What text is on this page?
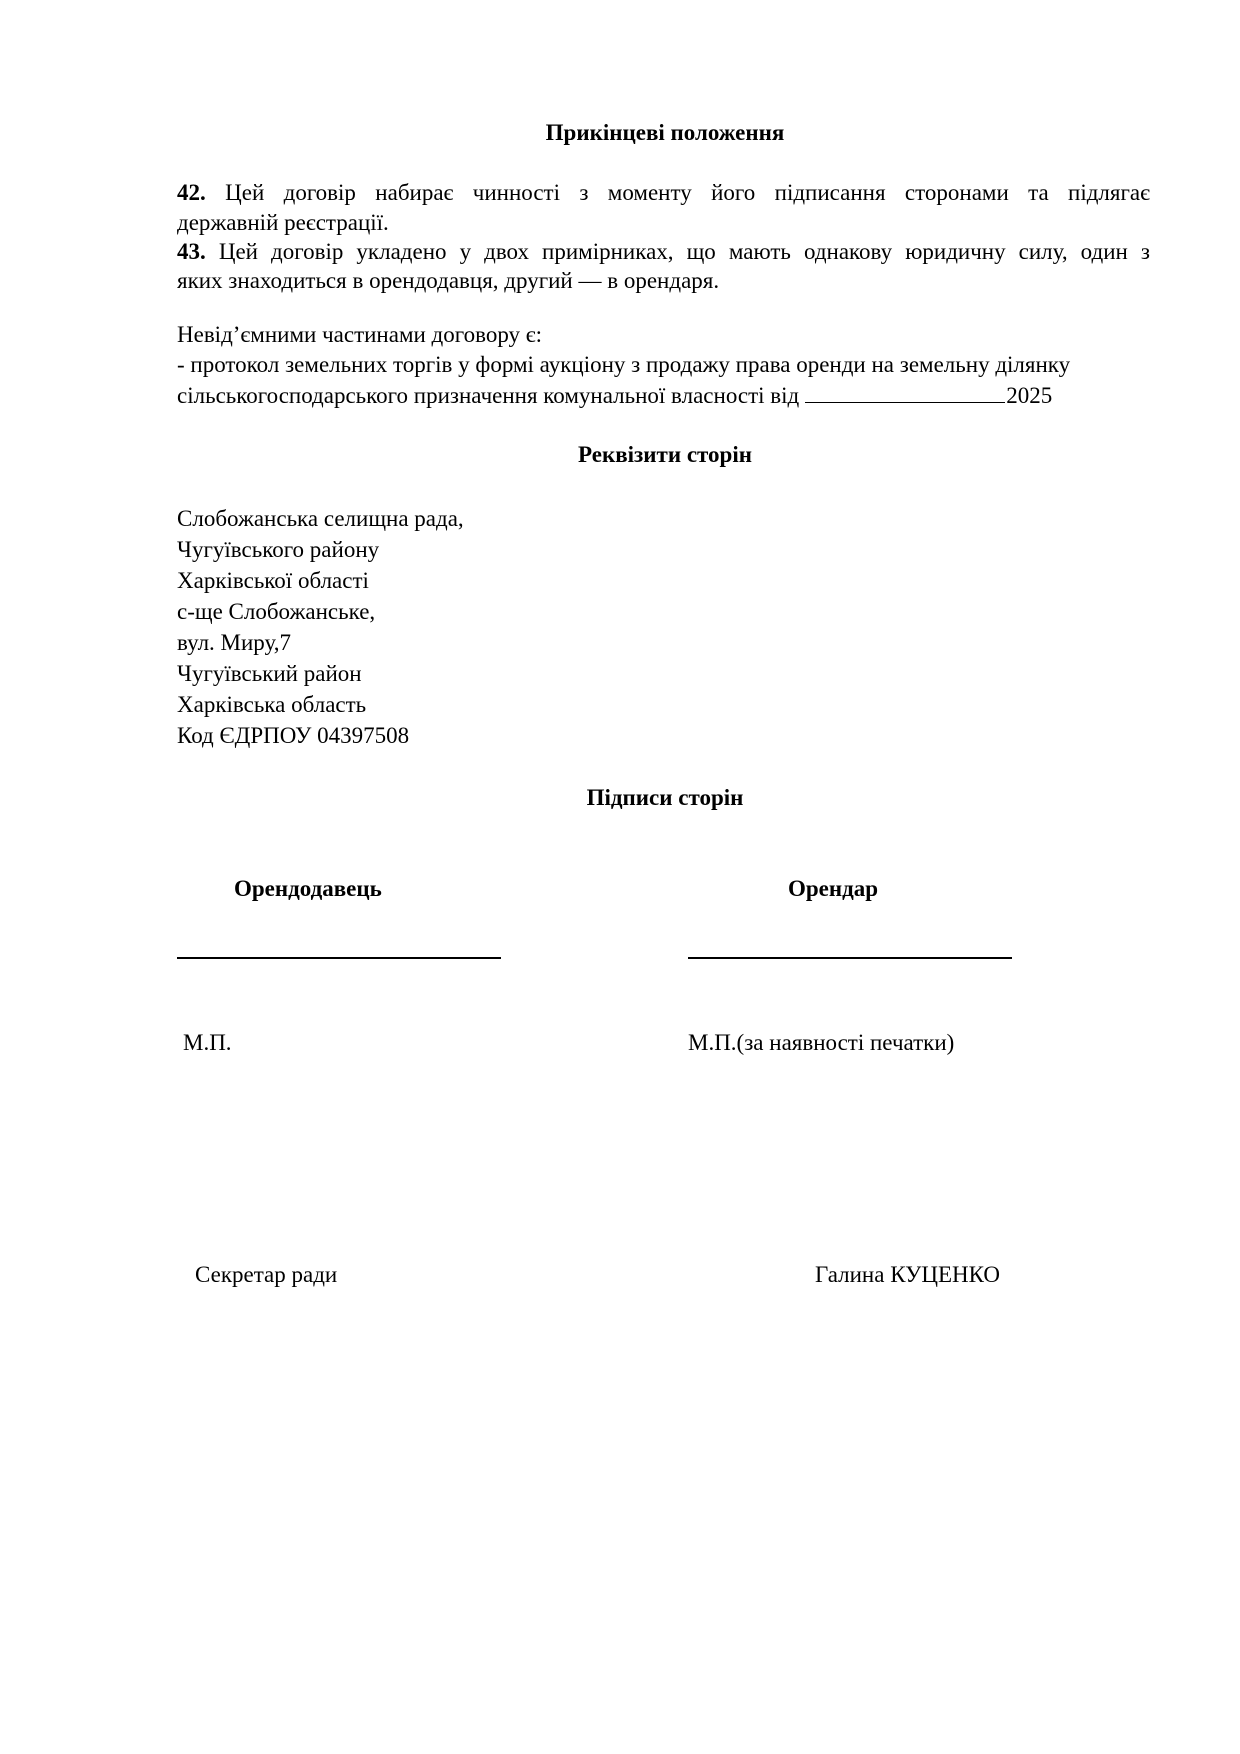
Прикінцеві положення
42. Цей договір набирає чинності з моменту його підписання сторонами та підлягає
державній реєстрації.
43. Цей договір укладено у двох примірниках, що мають однакову юридичну силу, один з
яких знаходиться в орендодавця, другий — в орендаря.
Невід’ємними частинами договору є:
- протокол земельних торгів у формі аукціону з продажу права оренди на земельну ділянку
сільськогосподарського призначення комунальної власності від	2025
Реквізити сторін
Слобожанська селищна рада,
Чугуївського району
Харківської області
с-ще Слобожанське,
вул. Миру,7
Чугуївський район
Харківська область
Код ЄДРПОУ 04397508
Підписи сторін
Орендодавець	Орендар
М.П.	М.П.(за наявності печатки)
Секретар ради	Галина КУЦЕНКО
